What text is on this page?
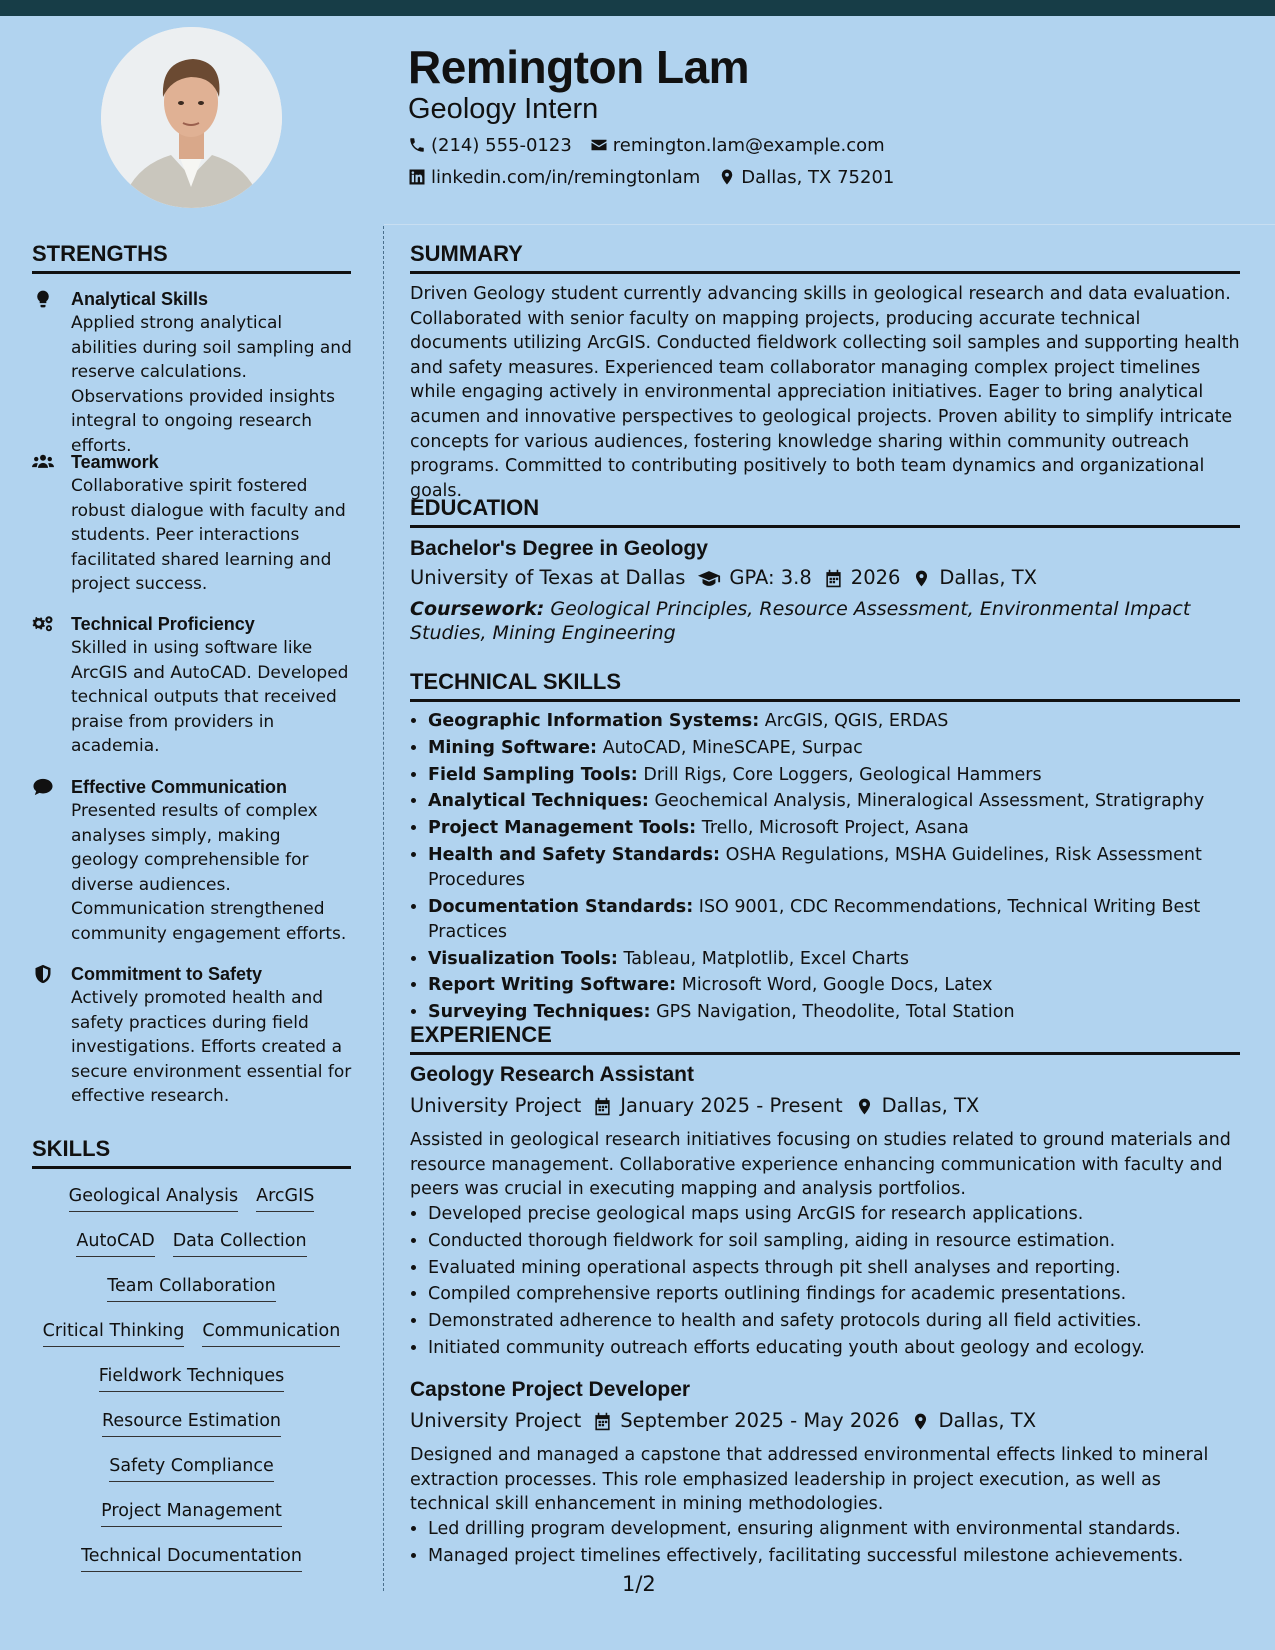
Remington Lam
Geology Intern
(214) 555-0123 remington.lam@example.com
linkedin.com/in/remingtonlam Dallas, TX 75201
STRENGTHS
Analytical Skills
Applied strong analytical abilities during soil sampling and reserve calculations. Observations provided insights integral to ongoing research efforts.
Teamwork
Collaborative spirit fostered robust dialogue with faculty and students. Peer interactions facilitated shared learning and project success.
Technical Proficiency
Skilled in using software like ArcGIS and AutoCAD. Developed technical outputs that received praise from providers in academia.
Effective Communication
Presented results of complex analyses simply, making geology comprehensible for diverse audiences. Communication strengthened community engagement efforts.
Commitment to Safety
Actively promoted health and safety practices during field investigations. Efforts created a secure environment essential for effective research.
SKILLS
Geological Analysis ArcGIS
AutoCAD Data Collection
Team Collaboration
Critical Thinking Communication
Fieldwork Techniques
Resource Estimation
Safety Compliance
Project Management
Technical Documentation
SUMMARY

Driven Geology student currently advancing skills in geological research and data evaluation. Collaborated with senior faculty on mapping projects, producing accurate technical documents utilizing ArcGIS. Conducted fieldwork collecting soil samples and supporting health and safety measures. Experienced team collaborator managing complex project timelines while engaging actively in environmental appreciation initiatives. Eager to bring analytical acumen and innovative perspectives to geological projects. Proven ability to simplify intricate concepts for various audiences, fostering knowledge sharing within community outreach programs. Committed to contributing positively to both team dynamics and organizational goals.

EDUCATION
Bachelor's Degree in Geology
University of Texas at Dallas GPA: 3.8 2026 Dallas, TX
Coursework: Geological Principles, Resource Assessment, Environmental Impact Studies, Mining Engineering
TECHNICAL SKILLS
• Geographic Information Systems: ArcGIS, QGIS, ERDAS
• Mining Software: AutoCAD, MineSCAPE, Surpac
• Field Sampling Tools: Drill Rigs, Core Loggers, Geological Hammers
• Analytical Techniques: Geochemical Analysis, Mineralogical Assessment, Stratigraphy
• Project Management Tools: Trello, Microsoft Project, Asana
• Health and Safety Standards: OSHA Regulations, MSHA Guidelines, Risk Assessment Procedures
• Documentation Standards: ISO 9001, CDC Recommendations, Technical Writing Best Practices
• Visualization Tools: Tableau, Matplotlib, Excel Charts
• Report Writing Software: Microsoft Word, Google Docs, Latex
• Surveying Techniques: GPS Navigation, Theodolite, Total Station
EXPERIENCE
Geology Research Assistant
University Project January 2025 - Present Dallas, TX

Assisted in geological research initiatives focusing on studies related to ground materials and resource management. Collaborative experience enhancing communication with faculty and peers was crucial in executing mapping and analysis portfolios.

• Developed precise geological maps using ArcGIS for research applications.
• Conducted thorough fieldwork for soil sampling, aiding in resource estimation.
• Evaluated mining operational aspects through pit shell analyses and reporting.
• Compiled comprehensive reports outlining findings for academic presentations.
• Demonstrated adherence to health and safety protocols during all field activities.
• Initiated community outreach efforts educating youth about geology and ecology.
Capstone Project Developer
University Project September 2025 - May 2026 Dallas, TX

Designed and managed a capstone that addressed environmental effects linked to mineral extraction processes. This role emphasized leadership in project execution, as well as technical skill enhancement in mining methodologies.

• Led drilling program development, ensuring alignment with environmental standards.
• Managed project timelines effectively, facilitating successful milestone achievements.
1/2
